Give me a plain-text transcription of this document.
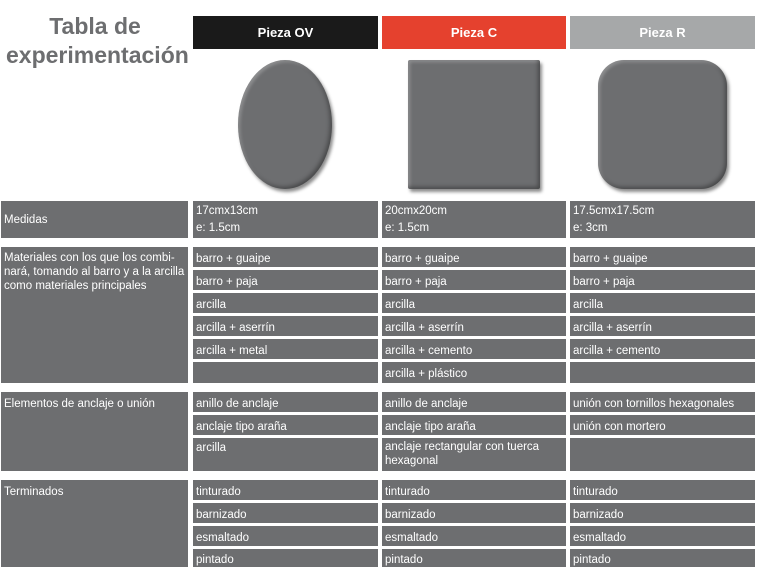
Tabla de experimentación
Pieza OV	Pieza C	Pieza R
Medidas
Materiales con los que los combi-nará, tomando al barro y a la arcilla como materiales principales
Elementos de anclaje o unión
Terminados
17cmx13cm
e: 1.5cm
20cmx20cm
e: 1.5cm
17.5cmx17.5cm
e: 3cm
barro + guaipe
barro + paja
arcilla
arcilla + aserrín
arcilla + metal
barro + guaipe
barro + paja
arcilla
arcilla + aserrín
arcilla + cemento
arcilla + plástico
barro + guaipe
barro + paja
arcilla
arcilla + aserrín
arcilla + cemento
anillo de anclaje
anclaje tipo araña
arcilla
anillo de anclaje
anclaje tipo araña
anclaje rectangular con tuerca hexagonal
unión con tornillos hexagonales
unión con mortero
tinturado
barnizado
esmaltado
pintado
tinturado
barnizado
esmaltado
pintado
tinturado
barnizado
esmaltado
pintado
